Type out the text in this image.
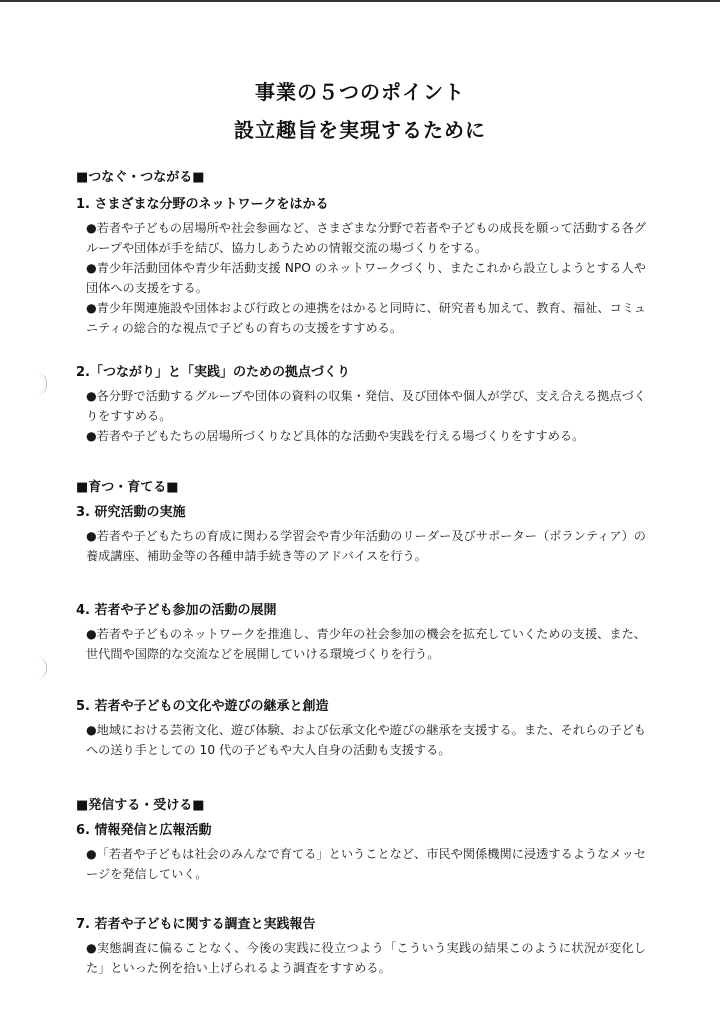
事業の５つのポイント
設立趣旨を実現するために
■つなぐ・つながる■
1. さまざまな分野のネットワークをはかる
●若者や子どもの居場所や社会参画など、さまざまな分野で若者や子どもの成長を願って活動する各グループや団体が手を結び、協力しあうための情報交流の場づくりをする。
●青少年活動団体や青少年活動支援 NPO のネットワークづくり、またこれから設立しようとする人や団体への支援をする。
●青少年関連施設や団体および行政との連携をはかると同時に、研究者も加えて、教育、福祉、コミュニティの総合的な視点で子どもの育ちの支援をすすめる。
2.「つながり」と「実践」のための拠点づくり
●各分野で活動するグループや団体の資料の収集・発信、及び団体や個人が学び、支え合える拠点づくりをすすめる。
●若者や子どもたちの居場所づくりなど具体的な活動や実践を行える場づくりをすすめる。
■育つ・育てる■
3. 研究活動の実施
●若者や子どもたちの育成に関わる学習会や青少年活動のリーダー及びサポーター（ボランティア）の養成講座、補助金等の各種申請手続き等のアドバイスを行う。
4. 若者や子ども参加の活動の展開
●若者や子どものネットワークを推進し、青少年の社会参加の機会を拡充していくための支援、また、世代間や国際的な交流などを展開していける環境づくりを行う。
5. 若者や子どもの文化や遊びの継承と創造
●地域における芸術文化、遊び体験、および伝承文化や遊びの継承を支援する。また、それらの子どもへの送り手としての 10 代の子どもや大人自身の活動も支援する。
■発信する・受ける■
6. 情報発信と広報活動
●「若者や子どもは社会のみんなで育てる」ということなど、市民や関係機関に浸透するようなメッセージを発信していく。
7. 若者や子どもに関する調査と実践報告
●実態調査に偏ることなく、今後の実践に役立つよう「こういう実践の結果このように状況が変化した」といった例を拾い上げられるよう調査をすすめる。
